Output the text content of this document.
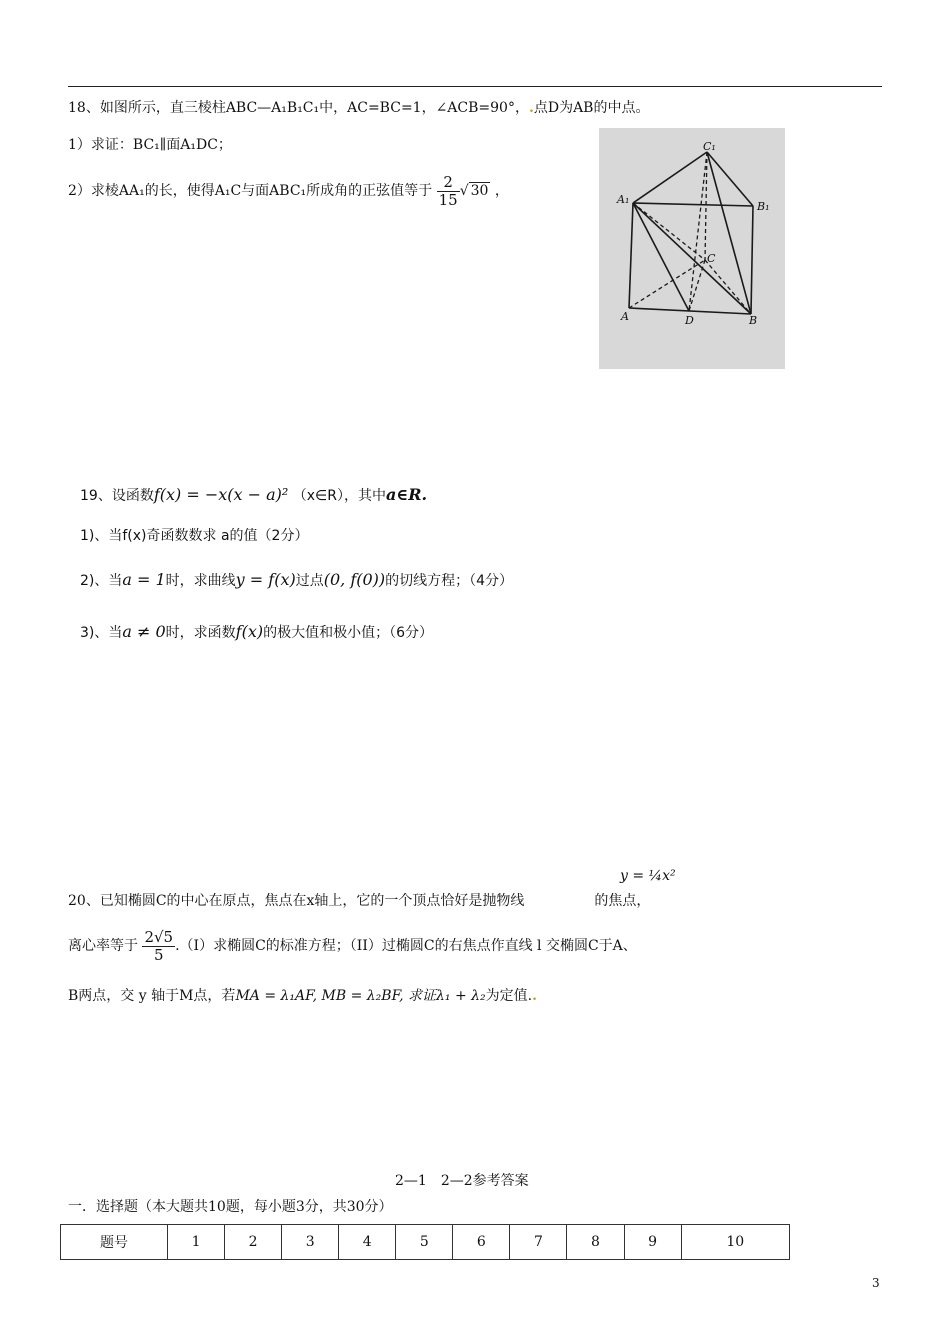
18、如图所示，直三棱柱ABC—A₁B₁C₁中，AC=BC=1，∠ACB=90°，.点D为AB的中点。
1）求证：BC₁∥面A₁DC；
2）求棱AA₁的长，使得A₁C与面ABC₁所成角的正弦值等于 $\frac{2}{15}$ √ 30 ，
C₁
A₁
B₁
C
A	D	B
19、设函数f(x) = −x(x − a)² （x∈R），其中a∈R.
1)、当f(x)奇函数数求 a的值（2分）
2)、当a = 1时，求曲线y = f(x)过点(0, f(0))的切线方程；（4分）
3)、当a ≠ 0时，求函数f(x)的极大值和极小值；（6分）
y = ¼x²
20、已知椭圆C的中心在原点，焦点在x轴上，它的一个顶点恰好是抛物线	的焦点，
离心率等于 $\frac{2√5}{5} .(I)$求椭圆C的标准方程；（II）过椭圆C的右焦点作直线 l 交椭圆C于A、
B两点，交 y 轴于M点，若MA = λ₁AF, MB = λ₂BF, 求证λ₁ + λ₂为定值..
2—1　2—2参考答案
一．选择题（本大题共10题，每小题3分，共30分）
题号	1	2	3	4	5	6	7	8	9	10
3
